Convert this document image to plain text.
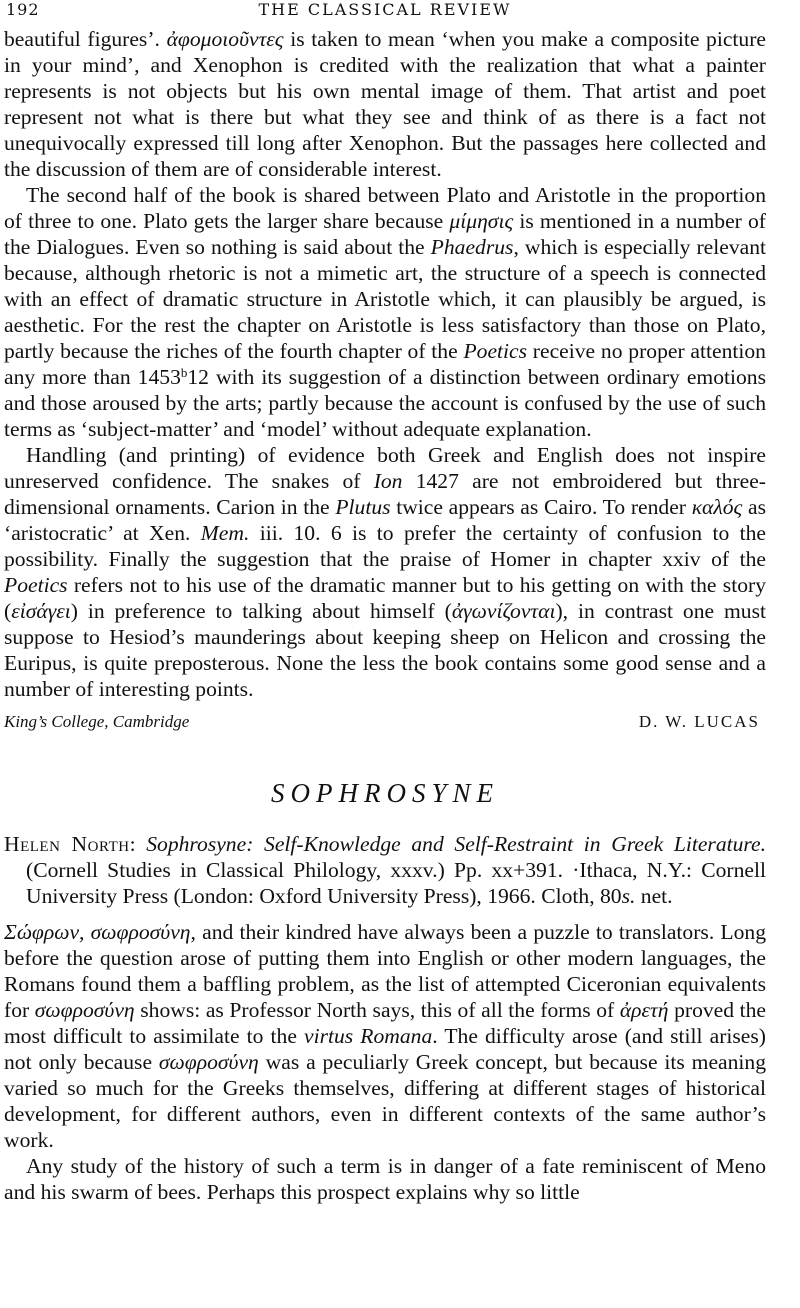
192	THE CLASSICAL REVIEW

beautiful figures’. ἀφομοιοῦντες is taken to mean ‘when you make a composite picture in your mind’, and Xenophon is credited with the realization that what a painter represents is not objects but his own mental image of them. That artist and poet represent not what is there but what they see and think of as there is a fact not unequivocally expressed till long after Xenophon. But the passages here collected and the discussion of them are of considerable interest.

The second half of the book is shared between Plato and Aristotle in the proportion of three to one. Plato gets the larger share because μίμησις is mentioned in a number of the Dialogues. Even so nothing is said about the Phaedrus, which is especially relevant because, although rhetoric is not a mimetic art, the structure of a speech is connected with an effect of dramatic structure in Aristotle which, it can plausibly be argued, is aesthetic. For the rest the chapter on Aristotle is less satisfactory than those on Plato, partly because the riches of the fourth chapter of the Poetics receive no proper attention any more than 1453$^b$12 with its suggestion of a distinction between ordinary emotions and those aroused by the arts; partly because the account is confused by the use of such terms as ‘subject-matter’ and ‘model’ without adequate explanation.

Handling (and printing) of evidence both Greek and English does not inspire unreserved confidence. The snakes of Ion 1427 are not embroidered but three-dimensional ornaments. Carion in the Plutus twice appears as Cairo. To render καλός as ‘aristocratic’ at Xen. Mem. iii. 10. 6 is to prefer the certainty of confusion to the possibility. Finally the suggestion that the praise of Homer in chapter xxiv of the Poetics refers not to his use of the dramatic manner but to his getting on with the story (εἰσάγει) in preference to talking about himself (ἀγωνίζονται), in contrast one must suppose to Hesiod’s maunderings about keeping sheep on Helicon and crossing the Euripus, is quite preposterous. None the less the book contains some good sense and a number of interesting points.

King’s College, Cambridge	D. W. LUCAS
SOPHROSYNE
Helen North: Sophrosyne: Self-Knowledge and Self-Restraint in Greek Literature. (Cornell Studies in Classical Philology, xxxv.) Pp. xx+391. ·Ithaca, N.Y.: Cornell University Press (London: Oxford University Press), 1966. Cloth, 80s. net.

Σώφρων, σωφροσύνη, and their kindred have always been a puzzle to translators. Long before the question arose of putting them into English or other modern languages, the Romans found them a baffling problem, as the list of attempted Ciceronian equivalents for σωφροσύνη shows: as Professor North says, this of all the forms of ἀρετή proved the most difficult to assimilate to the virtus Romana. The difficulty arose (and still arises) not only because σωφροσύνη was a peculiarly Greek concept, but because its meaning varied so much for the Greeks themselves, differing at different stages of historical development, for different authors, even in different contexts of the same author’s work.

Any study of the history of such a term is in danger of a fate reminiscent of Meno and his swarm of bees. Perhaps this prospect explains why so little
